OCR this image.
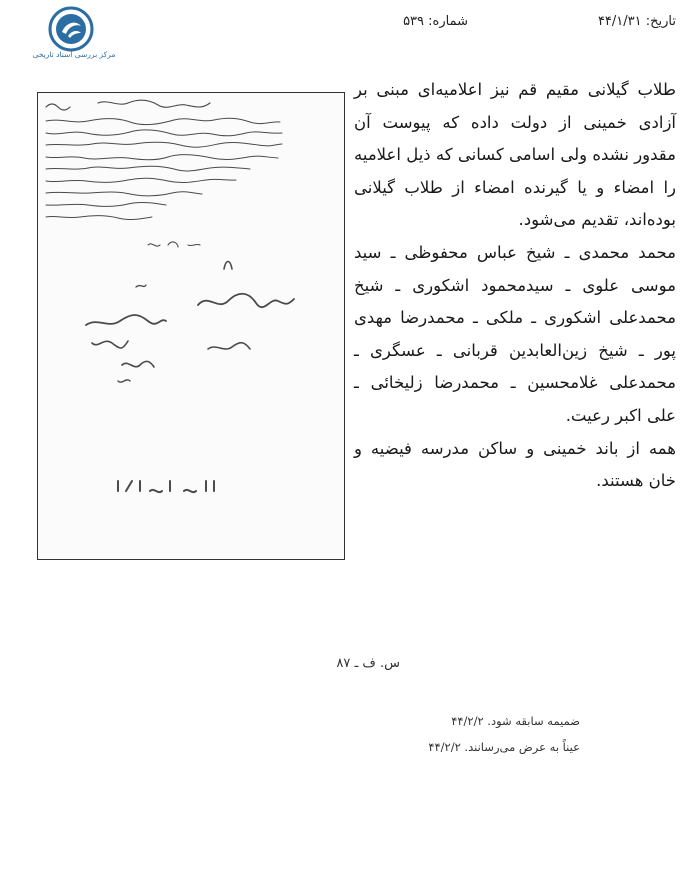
مرکز بررسی اسناد تاریخی
تاریخ: ۴۴/۱/۳۱
شماره: ۵۳۹

طلاب گیلانی مقیم قم نیز اعلامیه‌ای مبنی بر آزادی خمینی از دولت داده که پیوست آن مقدور نشده ولی اسامی کسانی که ذیل اعلامیه را امضاء و یا گیرنده امضاء از طلاب گیلانی بوده‌اند، تقدیم می‌شود.

محمد محمدی ـ شیخ عباس محفوظی ـ سید موسی علوی ـ سیدمحمود اشکوری ـ شیخ محمدعلی اشکوری ـ ملکی ـ محمدرضا مهدی پور ـ شیخ زین‌العابدین قربانی ـ عسگری ـ محمدعلی غلامحسین ـ محمدرضا زلیخائی ـ علی اکبر رعیت.

همه از باند خمینی و ساکن مدرسه فیضیه و خان هستند.

س. ف ـ ۸۷
ضمیمه سابقه شود. ۴۴/۲/۲
عیناً به عرض می‌رسانند. ۴۴/۲/۲
